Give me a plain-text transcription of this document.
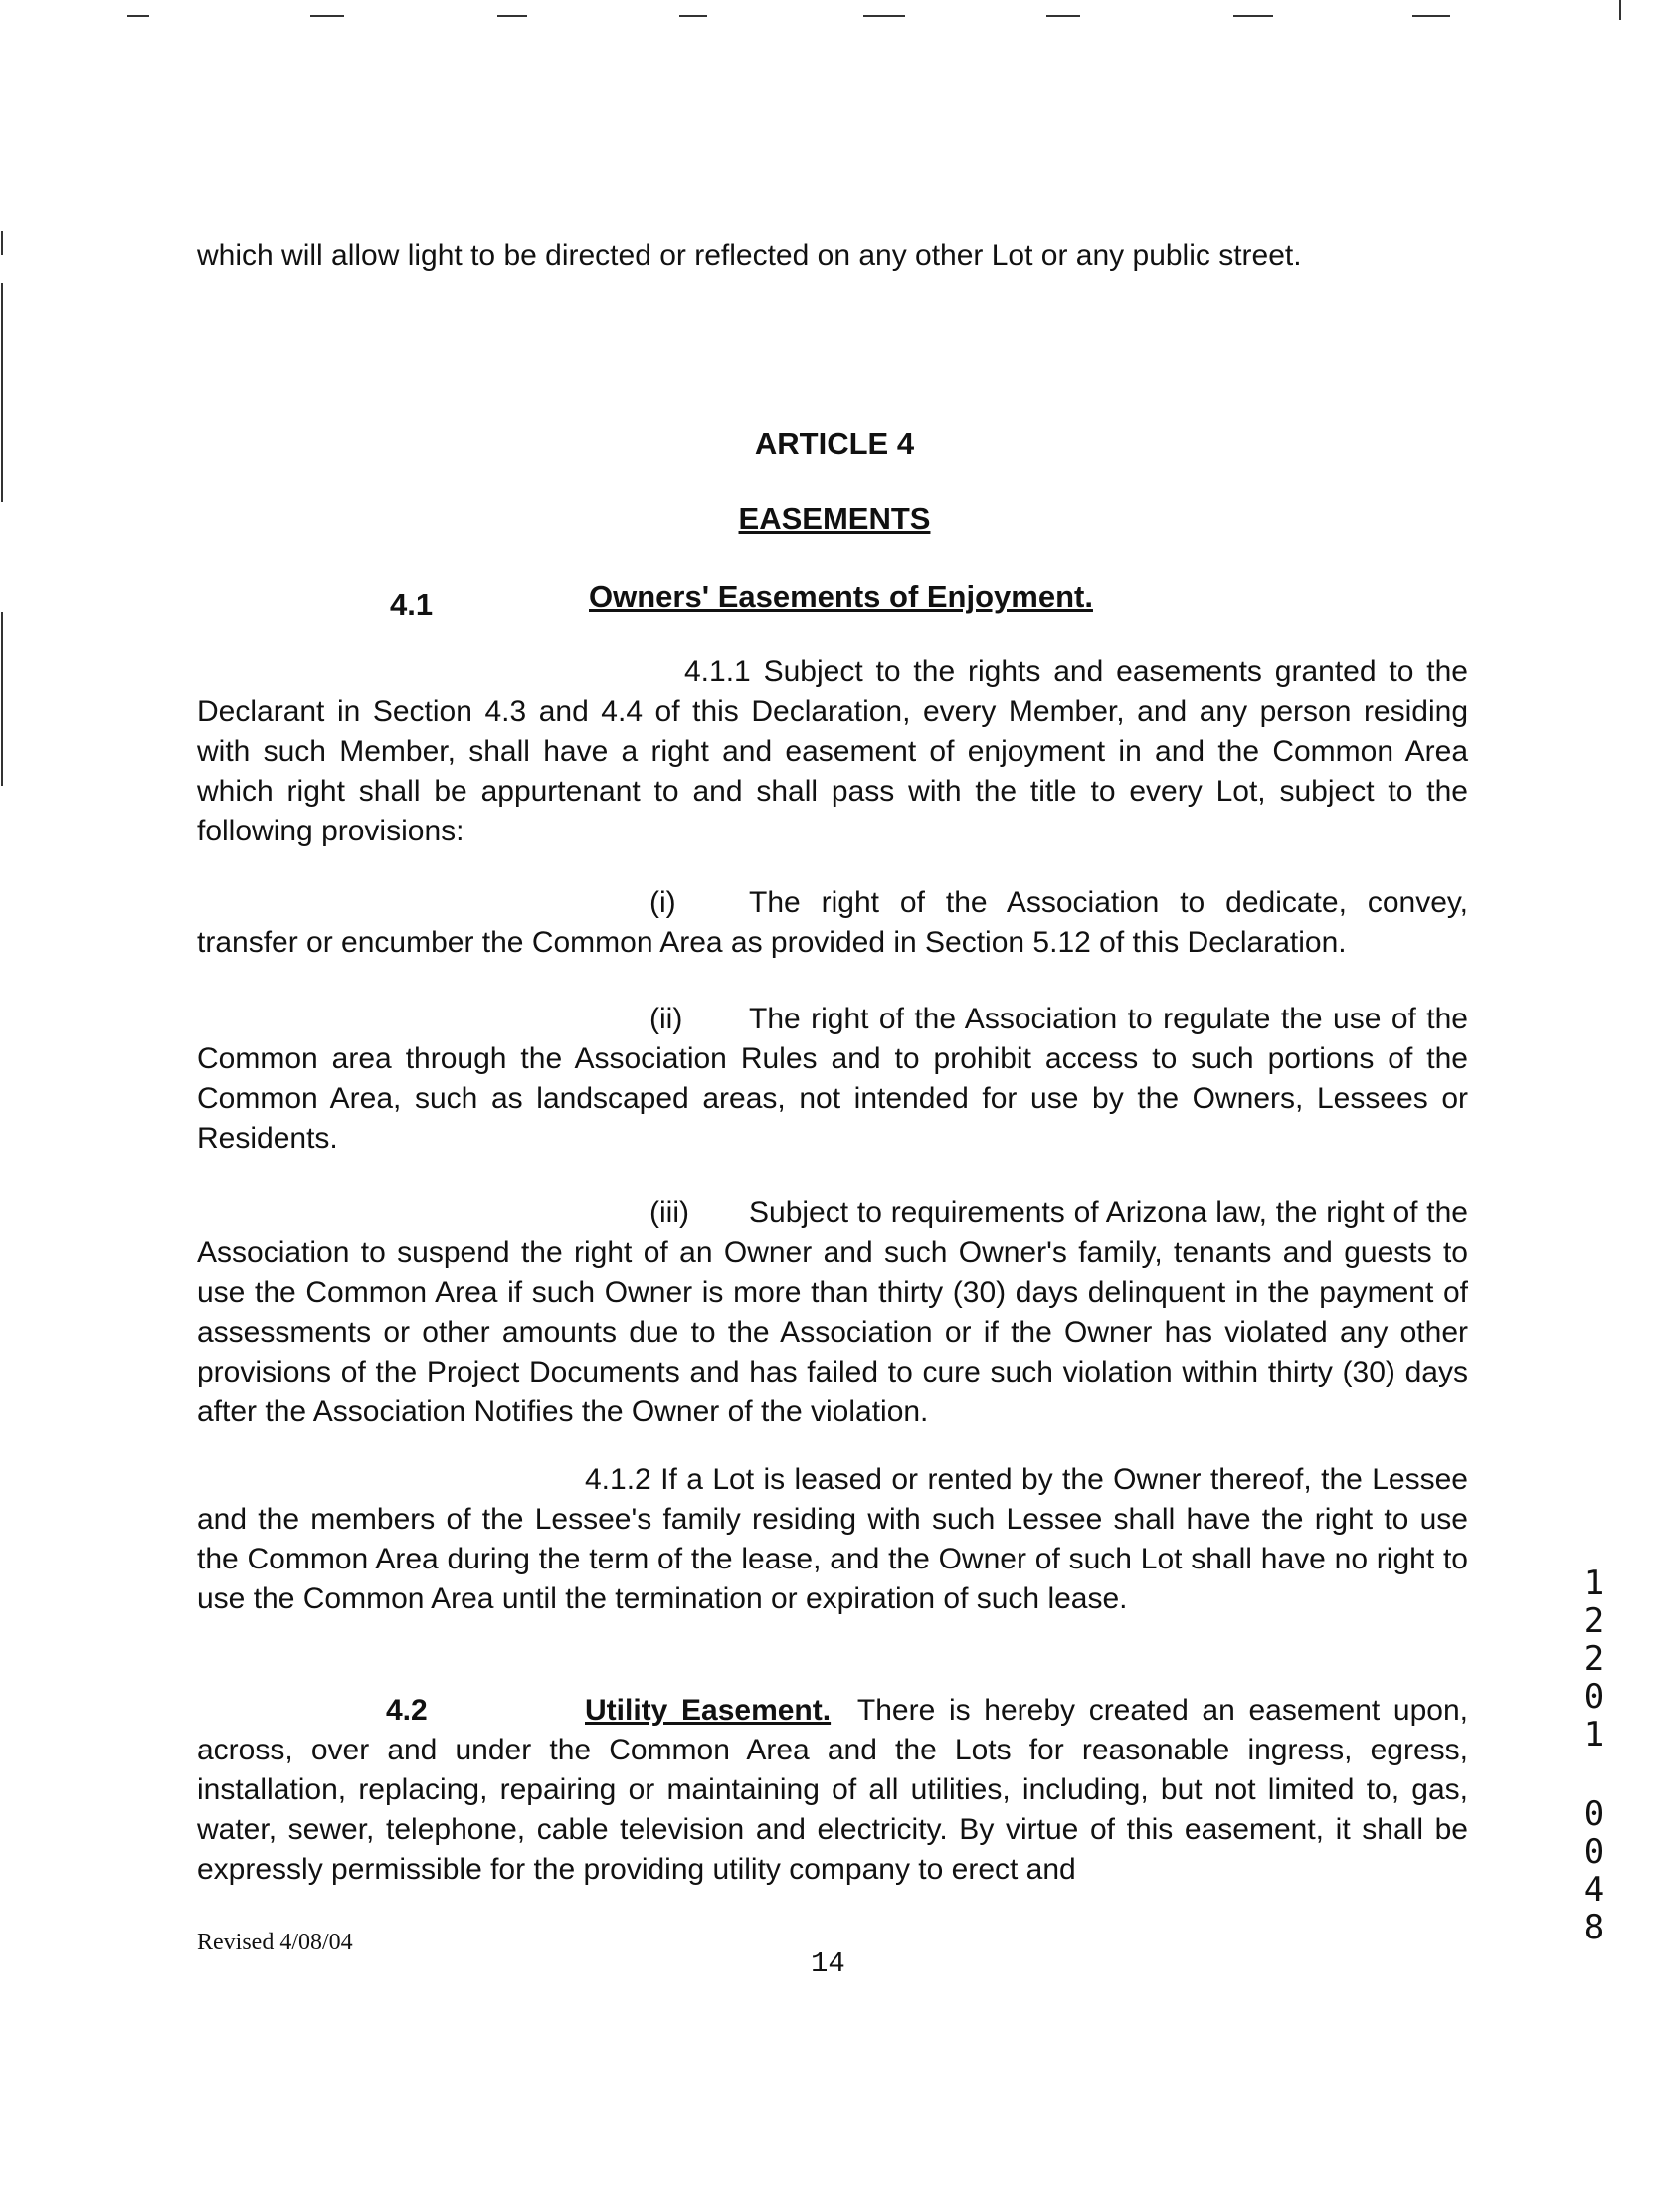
which will allow light to be directed or reflected on any other Lot or any public street.
ARTICLE 4
EASEMENTS
4.1	Owners' Easements of Enjoyment.
4.1.1 Subject to the rights and easements granted to the Declarant in Section 4.3 and 4.4 of this Declaration, every Member, and any person residing with such Member, shall have a right and easement of enjoyment in and the Common Area which right shall be appurtenant to and shall pass with the title to every Lot, subject to the following provisions:
(i) The right of the Association to dedicate, convey, transfer or encumber the Common Area as provided in Section 5.12 of this Declaration.
(ii) The right of the Association to regulate the use of the Common area through the Association Rules and to prohibit access to such portions of the Common Area, such as landscaped areas, not intended for use by the Owners, Lessees or Residents.
(iii) Subject to requirements of Arizona law, the right of the Association to suspend the right of an Owner and such Owner's family, tenants and guests to use the Common Area if such Owner is more than thirty (30) days delinquent in the payment of assessments or other amounts due to the Association or if the Owner has violated any other provisions of the Project Documents and has failed to cure such violation within thirty (30) days after the Association Notifies the Owner of the violation.
4.1.2 If a Lot is leased or rented by the Owner thereof, the Lessee and the members of the Lessee's family residing with such Lessee shall have the right to use the Common Area during the term of the lease, and the Owner of such Lot shall have no right to use the Common Area until the termination or expiration of such lease.
4.2	Utility Easement. There is hereby created an easement upon, across, over and under the Common Area and the Lots for reasonable ingress, egress, installation, replacing, repairing or maintaining of all utilities, including, but not limited to, gas, water, sewer, telephone, cable television and electricity. By virtue of this easement, it shall be expressly permissible for the providing utility company to erect and
Revised 4/08/04
14
1
2
2
0
1
0
0
4
8
